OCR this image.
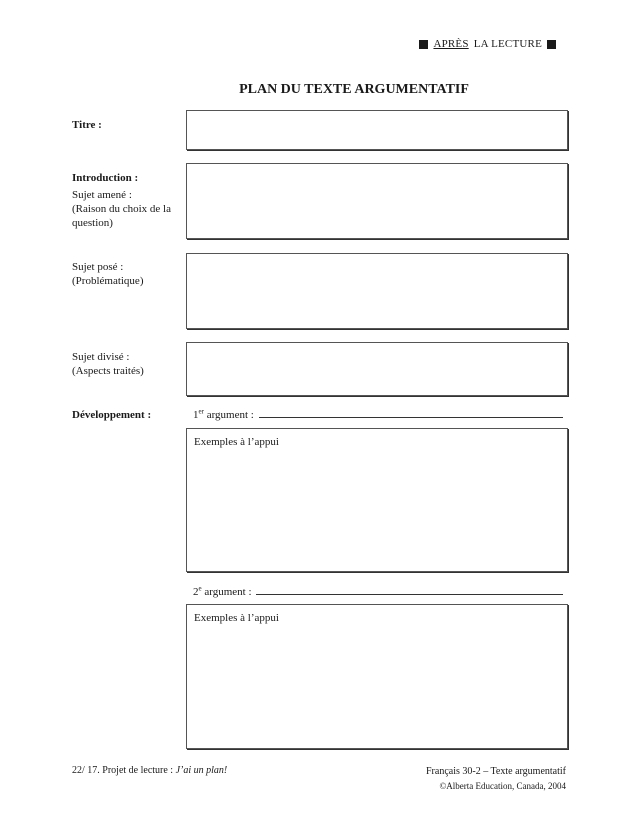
APRÈS LA LECTURE
PLAN DU TEXTE ARGUMENTATIF
Titre :
Introduction :
Sujet amené :
(Raison du choix de la
question)
Sujet posé :
(Problématique)
Sujet divisé :
(Aspects traités)
Développement :	1er argument :
Exemples à l’appui
2e argument :
Exemples à l’appui
22/ 17. Projet de lecture : J’ai un plan!	Français 30-2 – Texte argumentatif
©Alberta Education, Canada, 2004
